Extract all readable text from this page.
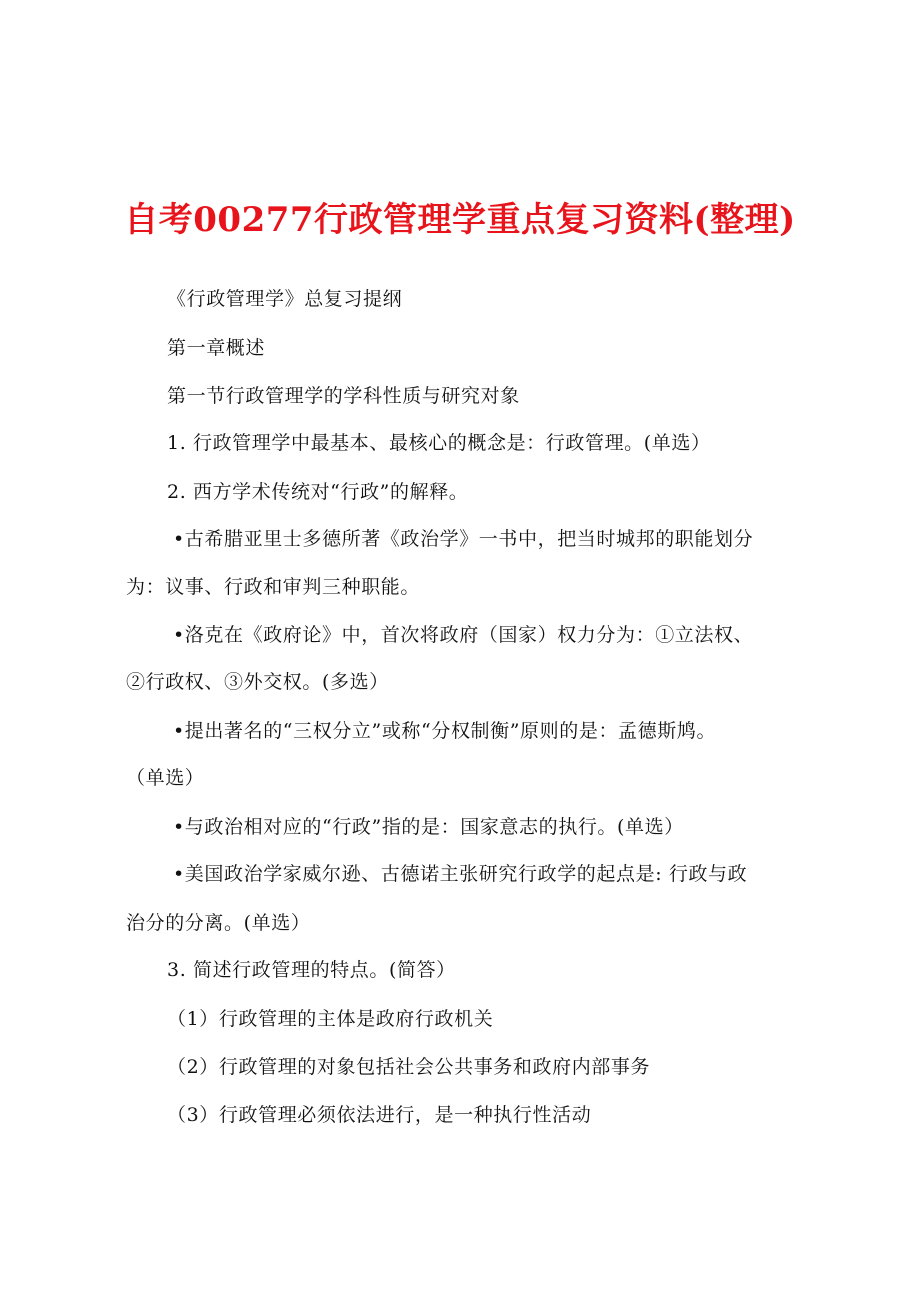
自考00277行政管理学重点复习资料(整理)
《行政管理学》总复习提纲
第一章概述
第一节行政管理学的学科性质与研究对象
1. 行政管理学中最基本、最核心的概念是：行政管理。(单选）
2. 西方学术传统对“行政”的解释。
•古希腊亚里士多德所著《政治学》一书中，把当时城邦的职能划分
为：议事、行政和审判三种职能。
•洛克在《政府论》中，首次将政府（国家）权力分为：①立法权、
②行政权、③外交权。(多选）
•提出著名的“三权分立”或称“分权制衡”原则的是：孟德斯鸠。
（单选）
•与政治相对应的“行政”指的是：国家意志的执行。(单选）
•美国政治学家威尔逊、古德诺主张研究行政学的起点是: 行政与政
治分的分离。(单选）
3. 简述行政管理的特点。(简答）
（1）行政管理的主体是政府行政机关
（2）行政管理的对象包括社会公共事务和政府内部事务
（3）行政管理必须依法进行，是一种执行性活动
